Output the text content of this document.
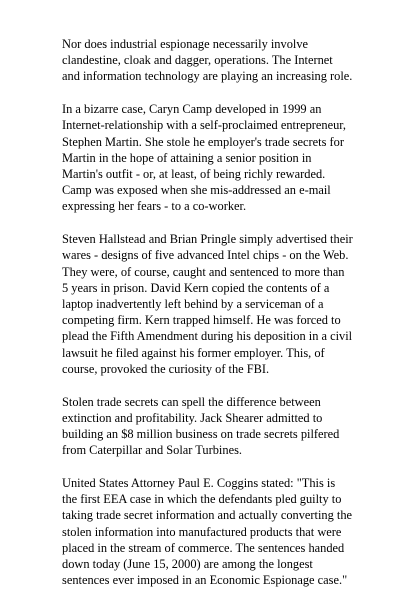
Nor does industrial espionage necessarily involve
clandestine, cloak and dagger, operations. The Internet
and information technology are playing an increasing role.

In a bizarre case, Caryn Camp developed in 1999 an
Internet-relationship with a self-proclaimed entrepreneur,
Stephen Martin. She stole he employer's trade secrets for
Martin in the hope of attaining a senior position in
Martin's outfit - or, at least, of being richly rewarded.
Camp was exposed when she mis-addressed an e-mail
expressing her fears - to a co-worker.

Steven Hallstead and Brian Pringle simply advertised their
wares - designs of five advanced Intel chips - on the Web.
They were, of course, caught and sentenced to more than
5 years in prison. David Kern copied the contents of a
laptop inadvertently left behind by a serviceman of a
competing firm. Kern trapped himself. He was forced to
plead the Fifth Amendment during his deposition in a civil
lawsuit he filed against his former employer. This, of
course, provoked the curiosity of the FBI.

Stolen trade secrets can spell the difference between
extinction and profitability. Jack Shearer admitted to
building an $8 million business on trade secrets pilfered
from Caterpillar and Solar Turbines.

United States Attorney Paul E. Coggins stated: "This is
the first EEA case in which the defendants pled guilty to
taking trade secret information and actually converting the
stolen information into manufactured products that were
placed in the stream of commerce. The sentences handed
down today (June 15, 2000) are among the longest
sentences ever imposed in an Economic Espionage case."
